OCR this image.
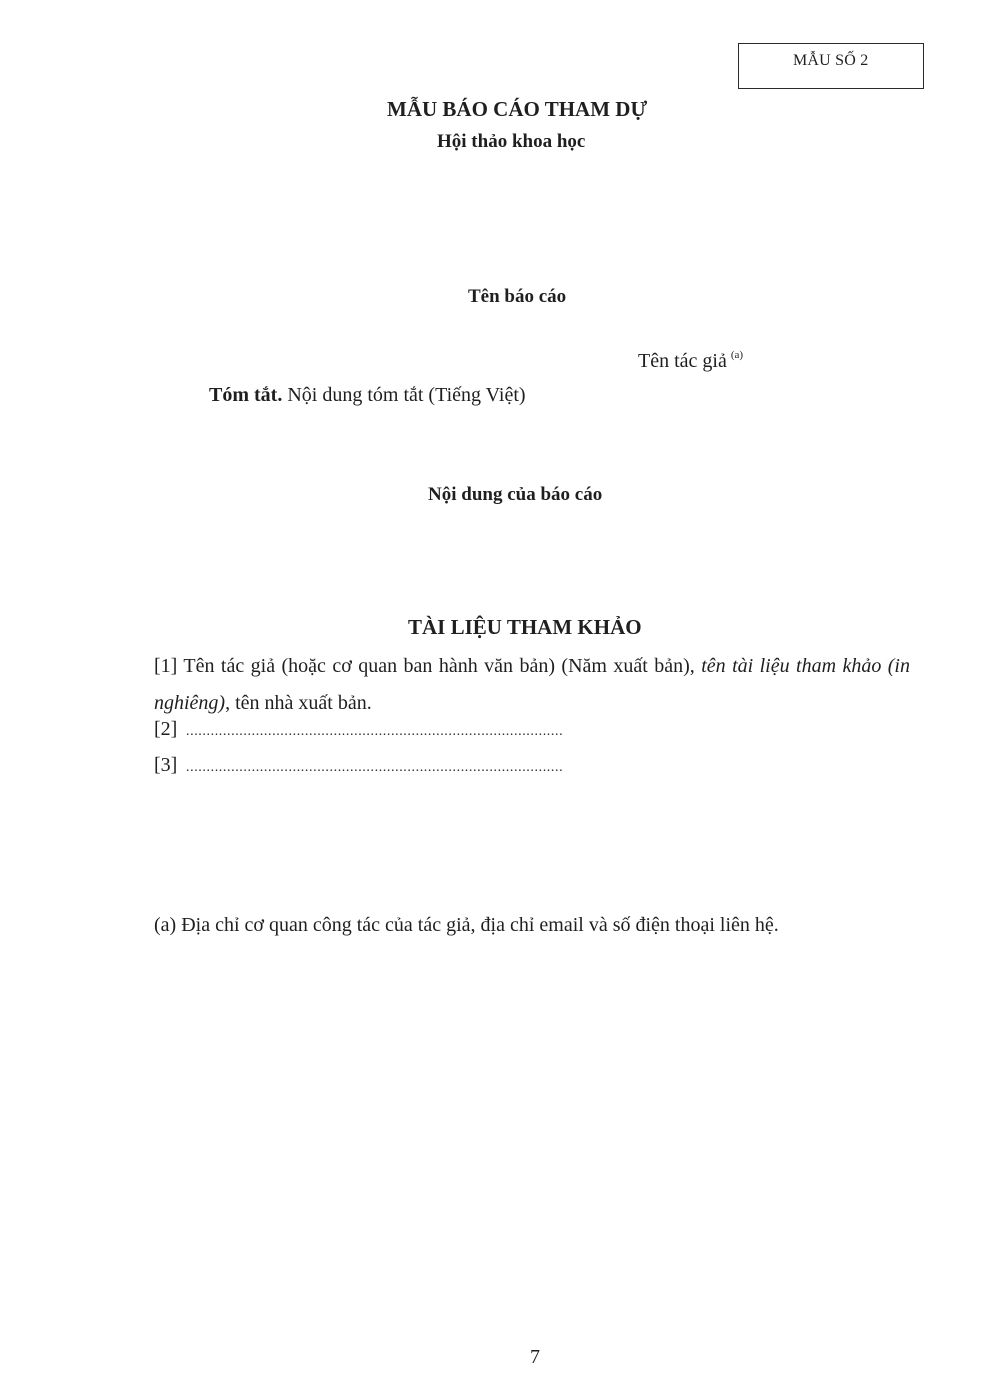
MẪU SỐ 2
MẪU BÁO CÁO THAM DỰ
Hội thảo khoa học
Tên báo cáo
Tên tác giả $^{(a)}$
Tóm tắt. Nội dung tóm tắt (Tiếng Việt)
Nội dung của báo cáo
TÀI LIỆU THAM KHẢO
[1] Tên tác giả (hoặc cơ quan ban hành văn bản) (Năm xuất bản), tên tài liệu tham khảo (in nghiêng), tên nhà xuất bản.
[2] ............................................................................................
[3] ............................................................................................
(a) Địa chỉ cơ quan công tác của tác giả, địa chỉ email và số điện thoại liên hệ.
7
